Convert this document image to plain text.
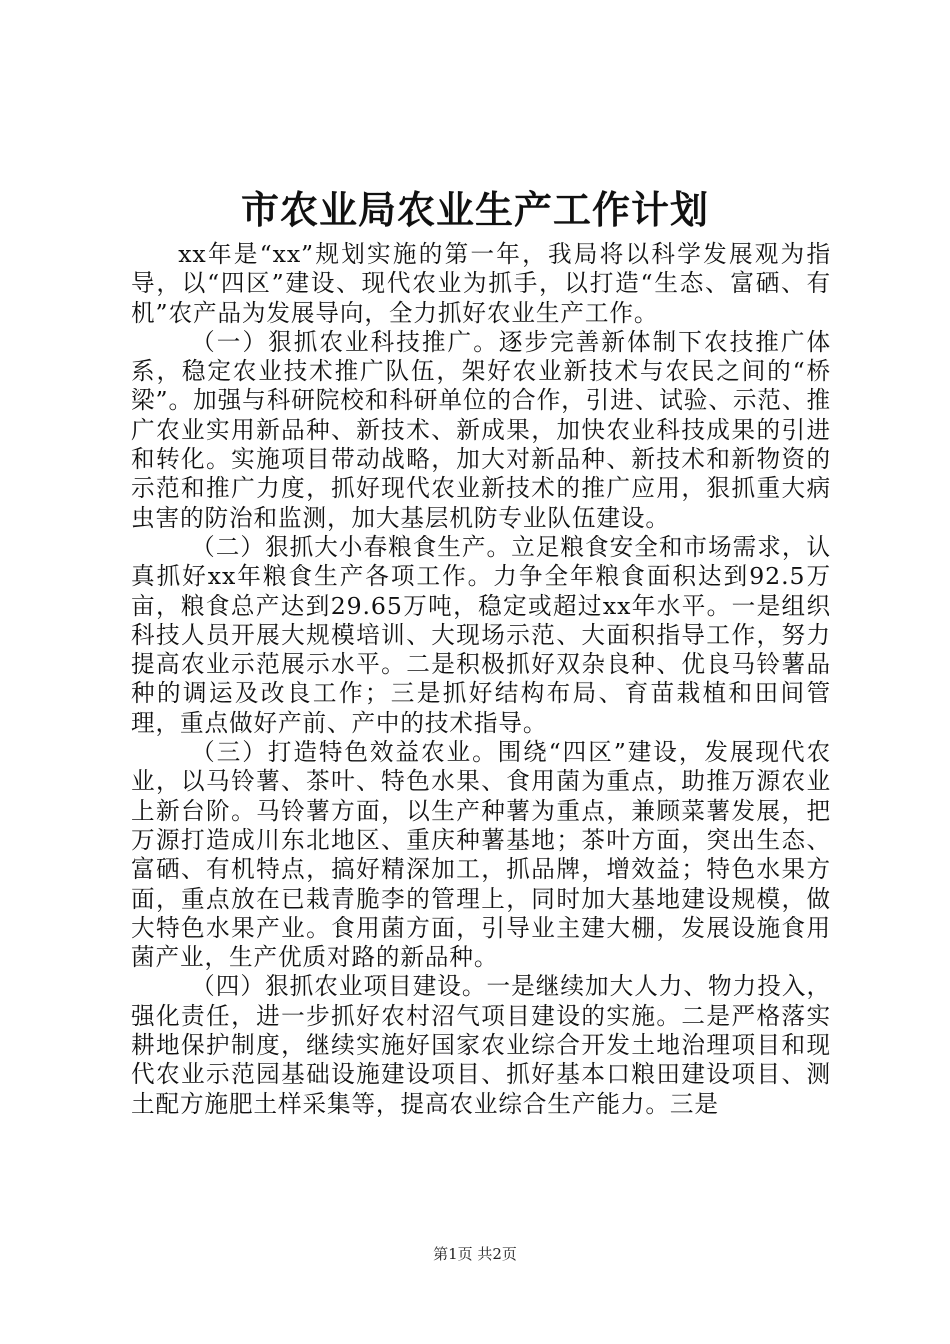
市农业局农业生产工作计划

xx年是“xx”规划实施的第一年，我局将以科学发展观为指导，以“四区”建设、现代农业为抓手，以打造“生态、富硒、有机”农产品为发展导向，全力抓好农业生产工作。

（一）狠抓农业科技推广。逐步完善新体制下农技推广体系，稳定农业技术推广队伍，架好农业新技术与农民之间的“桥梁”。加强与科研院校和科研单位的合作，引进、试验、示范、推广农业实用新品种、新技术、新成果，加快农业科技成果的引进和转化。实施项目带动战略，加大对新品种、新技术和新物资的示范和推广力度，抓好现代农业新技术的推广应用，狠抓重大病虫害的防治和监测，加大基层机防专业队伍建设。

（二）狠抓大小春粮食生产。立足粮食安全和市场需求，认真抓好xx年粮食生产各项工作。力争全年粮食面积达到92.5万亩，粮食总产达到29.65万吨，稳定或超过xx年水平。一是组织科技人员开展大规模培训、大现场示范、大面积指导工作，努力提高农业示范展示水平。二是积极抓好双杂良种、优良马铃薯品种的调运及改良工作；三是抓好结构布局、育苗栽植和田间管理，重点做好产前、产中的技术指导。

（三）打造特色效益农业。围绕“四区”建设，发展现代农业，以马铃薯、茶叶、特色水果、食用菌为重点，助推万源农业上新台阶。马铃薯方面，以生产种薯为重点，兼顾菜薯发展，把万源打造成川东北地区、重庆种薯基地；茶叶方面，突出生态、富硒、有机特点，搞好精深加工，抓品牌，增效益；特色水果方面，重点放在已栽青脆李的管理上，同时加大基地建设规模，做大特色水果产业。食用菌方面，引导业主建大棚，发展设施食用菌产业，生产优质对路的新品种。

（四）狠抓农业项目建设。一是继续加大人力、物力投入，强化责任，进一步抓好农村沼气项目建设的实施。二是严格落实耕地保护制度，继续实施好国家农业综合开发土地治理项目和现代农业示范园基础设施建设项目、抓好基本口粮田建设项目、测土配方施肥土样采集等，提高农业综合生产能力。三是

第1页 共2页
